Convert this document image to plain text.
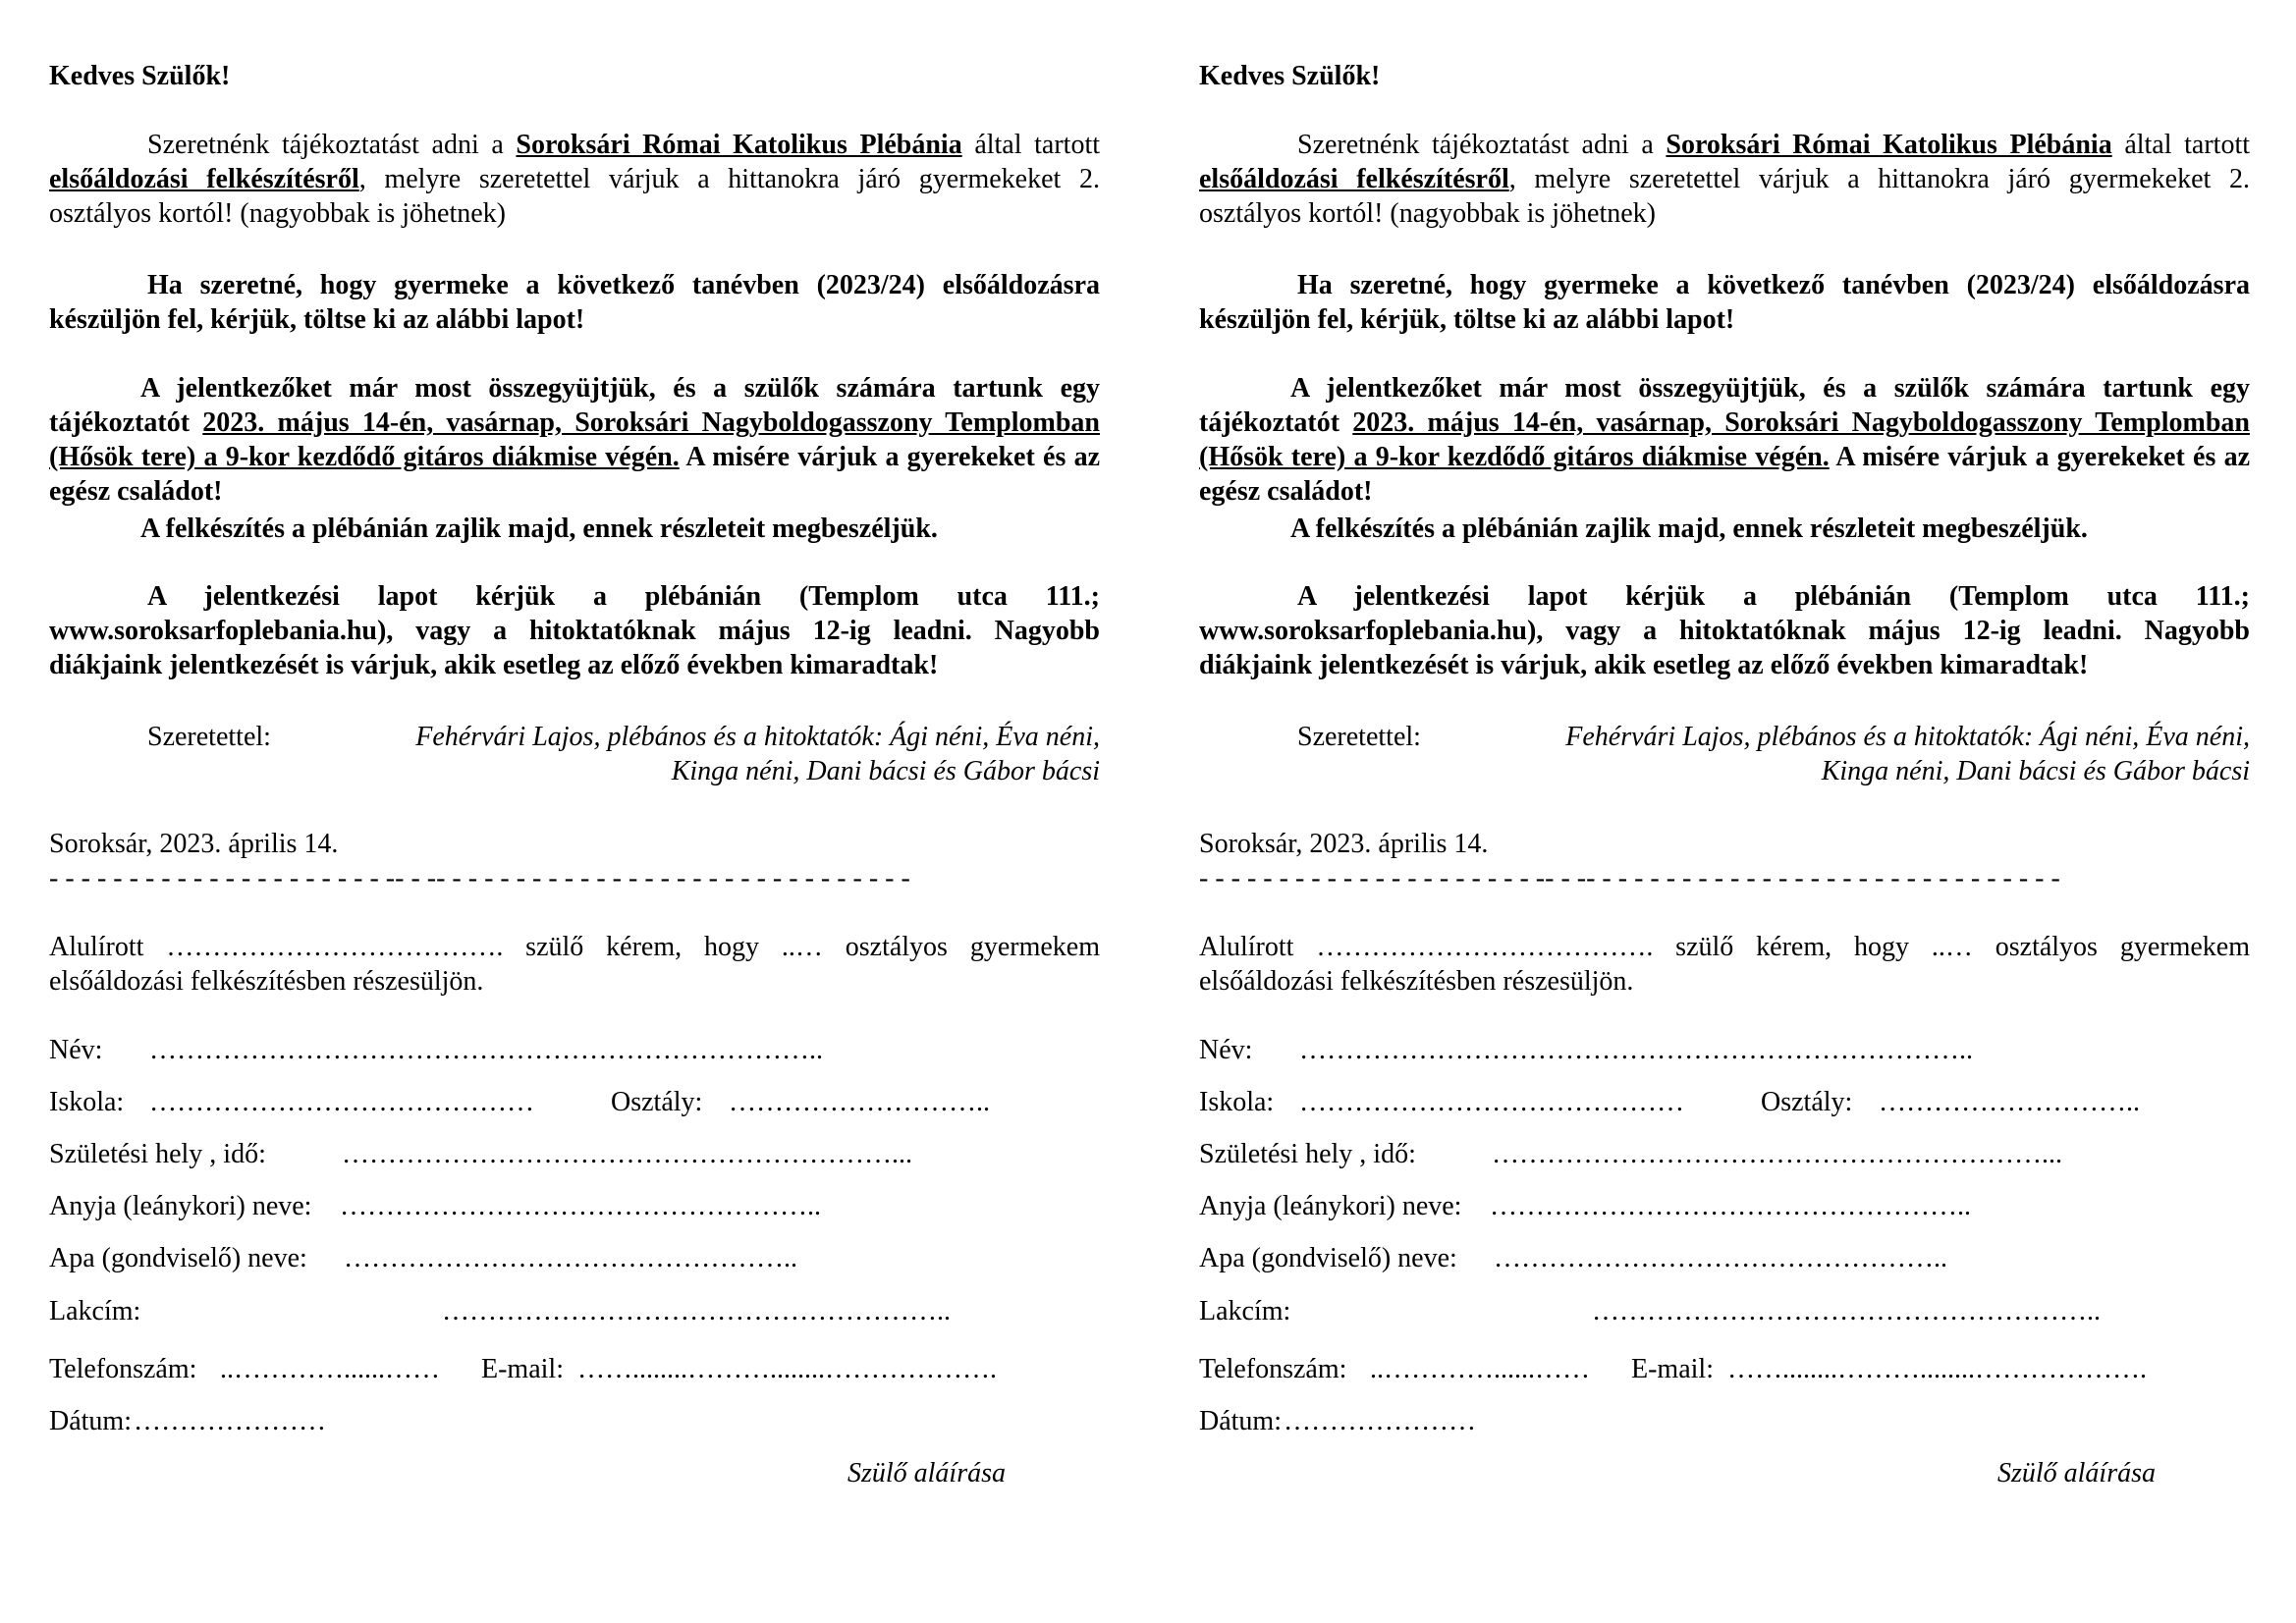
Kedves Szülők!

Szeretnénk tájékoztatást adni a Soroksári Római Katolikus Plébánia által tartott elsőáldozási felkészítésről, melyre szeretettel várjuk a hittanokra járó gyermekeket 2. osztályos kortól! (nagyobbak is jöhetnek)

Ha szeretné, hogy gyermeke a következő tanévben (2023/24) elsőáldozásra készüljön fel, kérjük, töltse ki az alábbi lapot!

A jelentkezőket már most összegyüjtjük, és a szülők számára tartunk egy tájékoztatót 2023. május 14-én, vasárnap, Soroksári Nagyboldogasszony Templomban (Hősök tere) a 9-kor kezdődő gitáros diákmise végén. A misére várjuk a gyerekeket és az egész családot!

A felkészítés a plébánián zajlik majd, ennek részleteit megbeszéljük.

A jelentkezési lapot kérjük a plébánián (Templom utca 111.; www.soroksarfoplebania.hu), vagy a hitoktatóknak május 12-ig leadni. Nagyobb diákjaink jelentkezését is várjuk, akik esetleg az előző években kimaradtak!

Szeretettel:	Fehérvári Lajos, plébános és a hitoktatók: Ági néni, Éva néni,
Kinga néni, Dani bácsi és Gábor bácsi

Soroksár, 2023. április 14.

- - - - - - - - - - - - - - - - - - - - - -- - -- - - - - - - - - - - - - - - - - - - - - - - - - - - - - -

Alulírott ………………………………. szülő kérem, hogy ..… osztályos gyermekem elsőáldozási felkészítésben részesüljön.

Név:

………………………………………………………………..

Iskola:

……………………………………

	Osztály:

………………………..

Születési hely , idő:

	……………………………………………………...

Anyja (leánykori) neve:

……………………………………………..

Apa (gondviselő) neve:

…………………………………………..

Lakcím:

	………………………………………………..

Telefonszám:

..…………......……

E-mail:

……........………........……………….

Dátum:

…………………

Szülő aláírása

Kedves Szülők!

Szeretnénk tájékoztatást adni a Soroksári Római Katolikus Plébánia által tartott elsőáldozási felkészítésről, melyre szeretettel várjuk a hittanokra járó gyermekeket 2. osztályos kortól! (nagyobbak is jöhetnek)

Ha szeretné, hogy gyermeke a következő tanévben (2023/24) elsőáldozásra készüljön fel, kérjük, töltse ki az alábbi lapot!

A jelentkezőket már most összegyüjtjük, és a szülők számára tartunk egy tájékoztatót 2023. május 14-én, vasárnap, Soroksári Nagyboldogasszony Templomban (Hősök tere) a 9-kor kezdődő gitáros diákmise végén. A misére várjuk a gyerekeket és az egész családot!

A felkészítés a plébánián zajlik majd, ennek részleteit megbeszéljük.

A jelentkezési lapot kérjük a plébánián (Templom utca 111.; www.soroksarfoplebania.hu), vagy a hitoktatóknak május 12-ig leadni. Nagyobb diákjaink jelentkezését is várjuk, akik esetleg az előző években kimaradtak!

Szeretettel:	Fehérvári Lajos, plébános és a hitoktatók: Ági néni, Éva néni,
Kinga néni, Dani bácsi és Gábor bácsi

Soroksár, 2023. április 14.

- - - - - - - - - - - - - - - - - - - - - -- - -- - - - - - - - - - - - - - - - - - - - - - - - - - - - - -

Alulírott ………………………………. szülő kérem, hogy ..… osztályos gyermekem elsőáldozási felkészítésben részesüljön.

Név:

………………………………………………………………..

Iskola:

……………………………………

	Osztály:

………………………..

Születési hely , idő:

	……………………………………………………...

Anyja (leánykori) neve:

……………………………………………..

Apa (gondviselő) neve:

…………………………………………..

Lakcím:

	………………………………………………..

Telefonszám:

..…………......……

E-mail:

……........………........……………….

Dátum:

…………………

Szülő aláírása
